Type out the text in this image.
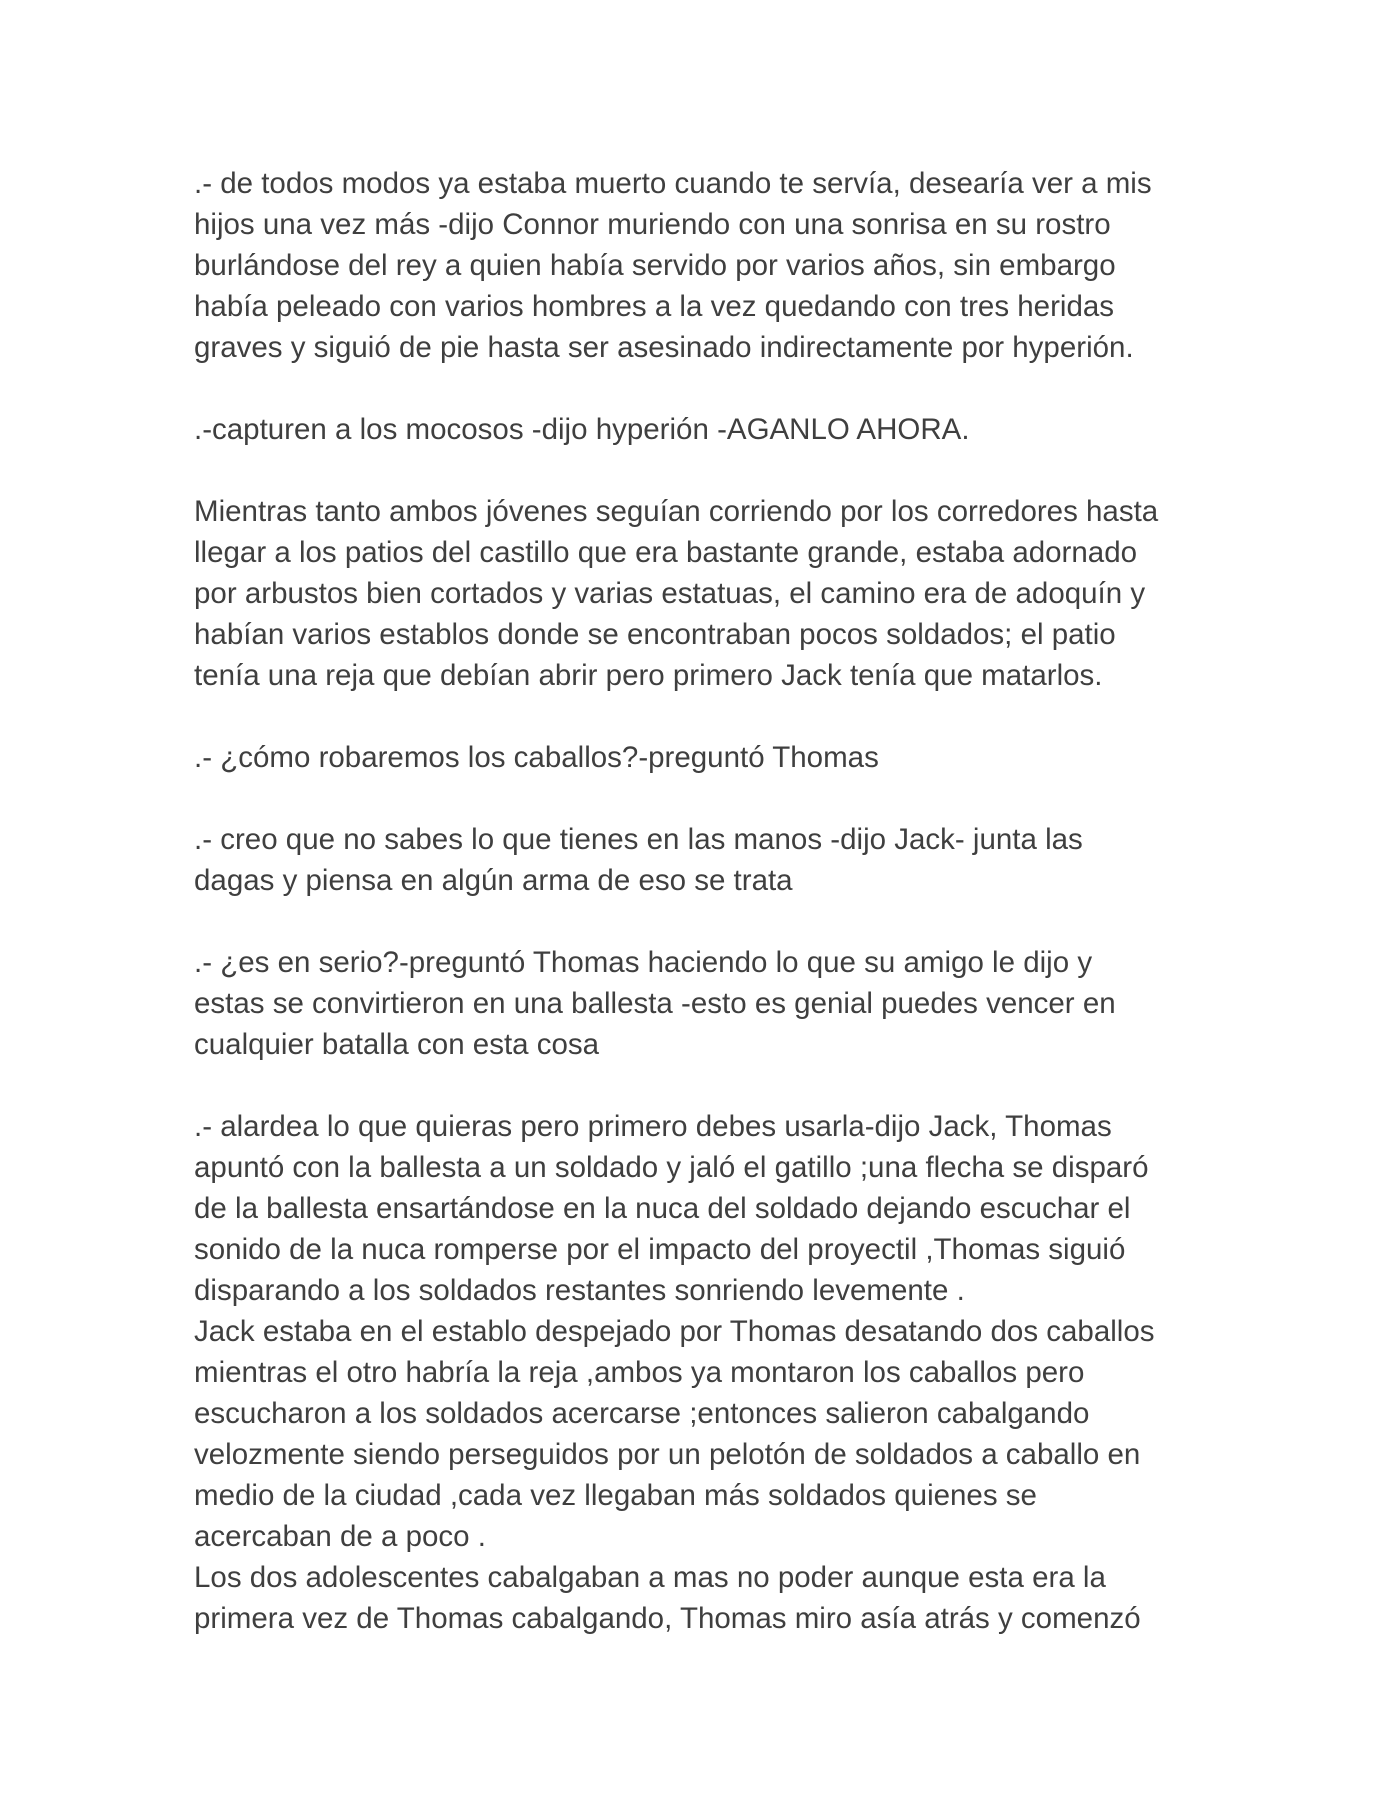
.- de todos modos ya estaba muerto cuando te servía, desearía ver a mis
hijos una vez más -dijo Connor muriendo con una sonrisa en su rostro
burlándose del rey a quien había servido por varios años, sin embargo
había peleado con varios hombres a la vez quedando con tres heridas
graves y siguió de pie hasta ser asesinado indirectamente por hyperión.
.-capturen a los mocosos -dijo hyperión -AGANLO AHORA.
Mientras tanto ambos jóvenes seguían corriendo por los corredores hasta
llegar a los patios del castillo que era bastante grande, estaba adornado
por arbustos bien cortados y varias estatuas, el camino era de adoquín y
habían varios establos donde se encontraban pocos soldados; el patio
tenía una reja que debían abrir pero primero Jack tenía que matarlos.
.- ¿cómo robaremos los caballos?-preguntó Thomas
.- creo que no sabes lo que tienes en las manos -dijo Jack- junta las
dagas y piensa en algún arma de eso se trata
.- ¿es en serio?-preguntó Thomas haciendo lo que su amigo le dijo y
estas se convirtieron en una ballesta -esto es genial puedes vencer en
cualquier batalla con esta cosa
.- alardea lo que quieras pero primero debes usarla-dijo Jack, Thomas
apuntó con la ballesta a un soldado y jaló el gatillo ;una flecha se disparó
de la ballesta ensartándose en la nuca del soldado dejando escuchar el
sonido de la nuca romperse por el impacto del proyectil ,Thomas siguió
disparando a los soldados restantes sonriendo levemente .
Jack estaba en el establo despejado por Thomas desatando dos caballos
mientras el otro habría la reja ,ambos ya montaron los caballos pero
escucharon a los soldados acercarse ;entonces salieron cabalgando
velozmente siendo perseguidos por un pelotón de soldados a caballo en
medio de la ciudad ,cada vez llegaban más soldados quienes se
acercaban de a poco .
Los dos adolescentes cabalgaban a mas no poder aunque esta era la
primera vez de Thomas cabalgando, Thomas miro asía atrás y comenzó
